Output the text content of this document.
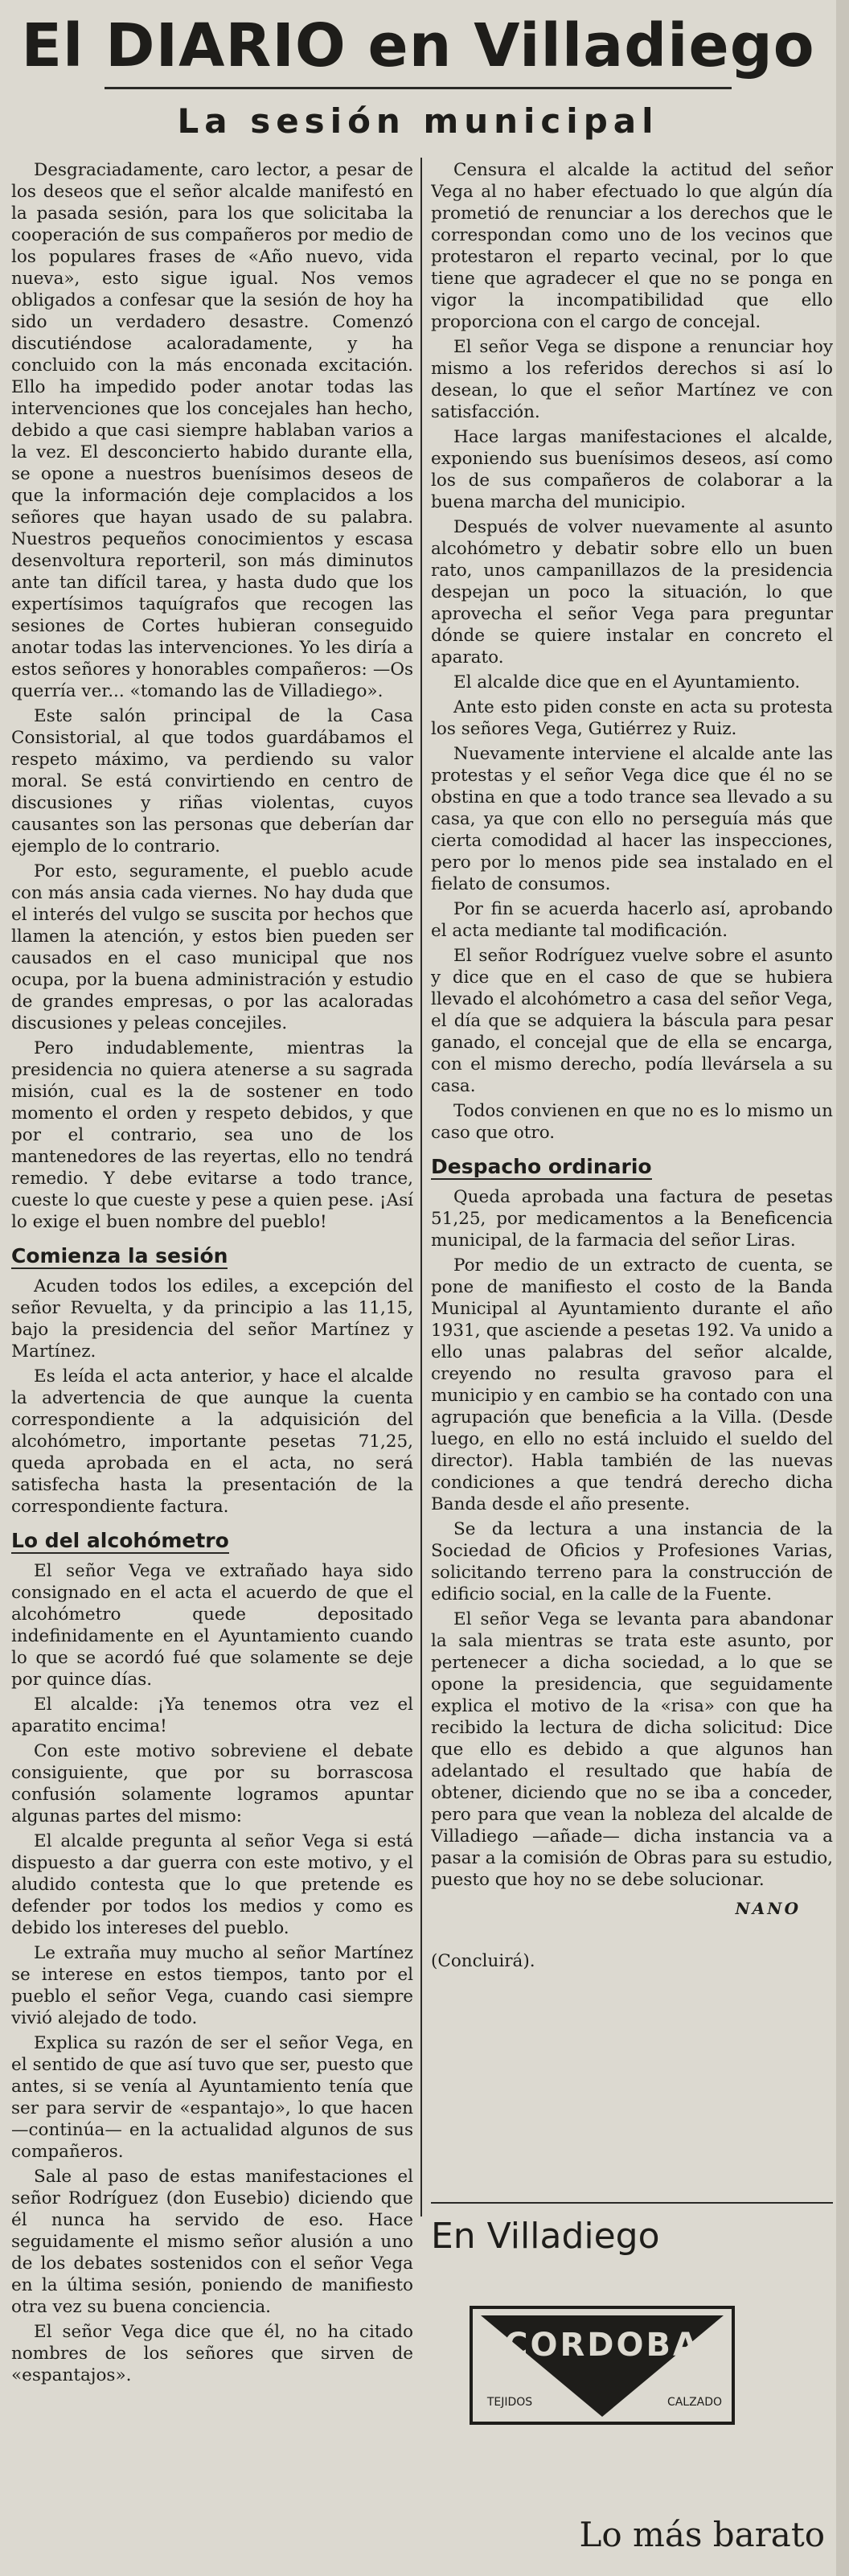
El DIARIO en Villadiego
La sesión municipal

Desgraciadamente, caro lector, a pesar de los deseos que el señor alcalde manifestó en la pasada sesión, para los que solicitaba la cooperación de sus compañeros por medio de los populares frases de «Año nuevo, vida nueva», esto sigue igual. Nos vemos obligados a confesar que la sesión de hoy ha sido un verdadero desastre. Comenzó discutiéndose acaloradamente, y ha concluido con la más enconada excitación. Ello ha impedido poder anotar todas las intervenciones que los concejales han hecho, debido a que casi siempre hablaban varios a la vez. El desconcierto habido durante ella, se opone a nuestros buenísimos deseos de que la información deje complacidos a los señores que hayan usado de su palabra. Nuestros pequeños conocimientos y escasa desenvoltura reporteril, son más diminutos ante tan difícil tarea, y hasta dudo que los expertísimos taquígrafos que recogen las sesiones de Cortes hubieran conseguido anotar todas las intervenciones. Yo les diría a estos señores y honorables compañeros: —Os querría ver... «tomando las de Villadiego».

Este salón principal de la Casa Consistorial, al que todos guardábamos el respeto máximo, va perdiendo su valor moral. Se está convirtiendo en centro de discusiones y riñas violentas, cuyos causantes son las personas que deberían dar ejemplo de lo contrario.

Por esto, seguramente, el pueblo acude con más ansia cada viernes. No hay duda que el interés del vulgo se suscita por hechos que llamen la atención, y estos bien pueden ser causados en el caso municipal que nos ocupa, por la buena administración y estudio de grandes empresas, o por las acaloradas discusiones y peleas concejiles.

Pero indudablemente, mientras la presidencia no quiera atenerse a su sagrada misión, cual es la de sostener en todo momento el orden y respeto debidos, y que por el contrario, sea uno de los mantenedores de las reyertas, ello no tendrá remedio. Y debe evitarse a todo trance, cueste lo que cueste y pese a quien pese. ¡Así lo exige el buen nombre del pueblo!

Comienza la sesión

Acuden todos los ediles, a excepción del señor Revuelta, y da principio a las 11,15, bajo la presidencia del señor Martínez y Martínez.

Es leída el acta anterior, y hace el alcalde la advertencia de que aunque la cuenta correspondiente a la adquisición del alcohómetro, importante pesetas 71,25, queda aprobada en el acta, no será satisfecha hasta la presentación de la correspondiente factura.

Lo del alcohómetro

El señor Vega ve extrañado haya sido consignado en el acta el acuerdo de que el alcohómetro quede depositado indefinidamente en el Ayuntamiento cuando lo que se acordó fué que solamente se deje por quince días.

El alcalde: ¡Ya tenemos otra vez el aparatito encima!

Con este motivo sobreviene el debate consiguiente, que por su borrascosa confusión solamente logramos apuntar algunas partes del mismo:

El alcalde pregunta al señor Vega si está dispuesto a dar guerra con este motivo, y el aludido contesta que lo que pretende es defender por todos los medios y como es debido los intereses del pueblo.

Le extraña muy mucho al señor Martínez se interese en estos tiempos, tanto por el pueblo el señor Vega, cuando casi siempre vivió alejado de todo.

Explica su razón de ser el señor Vega, en el sentido de que así tuvo que ser, puesto que antes, si se venía al Ayuntamiento tenía que ser para servir de «espantajo», lo que hacen —continúa— en la actualidad algunos de sus compañeros.

Sale al paso de estas manifestaciones el señor Rodríguez (don Eusebio) diciendo que él nunca ha servido de eso. Hace seguidamente el mismo señor alusión a uno de los debates sostenidos con el señor Vega en la última sesión, poniendo de manifiesto otra vez su buena conciencia.

El señor Vega dice que él, no ha citado nombres de los señores que sirven de «espantajos».

Censura el alcalde la actitud del señor Vega al no haber efectuado lo que algún día prometió de renunciar a los derechos que le correspondan como uno de los vecinos que protestaron el reparto vecinal, por lo que tiene que agradecer el que no se ponga en vigor la incompatibilidad que ello proporciona con el cargo de concejal.

El señor Vega se dispone a renunciar hoy mismo a los referidos derechos si así lo desean, lo que el señor Martínez ve con satisfacción.

Hace largas manifestaciones el alcalde, exponiendo sus buenísimos deseos, así como los de sus compañeros de colaborar a la buena marcha del municipio.

Después de volver nuevamente al asunto alcohómetro y debatir sobre ello un buen rato, unos campanillazos de la presidencia despejan un poco la situación, lo que aprovecha el señor Vega para preguntar dónde se quiere instalar en concreto el aparato.

El alcalde dice que en el Ayuntamiento.

Ante esto piden conste en acta su protesta los señores Vega, Gutiérrez y Ruiz.

Nuevamente interviene el alcalde ante las protestas y el señor Vega dice que él no se obstina en que a todo trance sea llevado a su casa, ya que con ello no perseguía más que cierta comodidad al hacer las inspecciones, pero por lo menos pide sea instalado en el fielato de consumos.

Por fin se acuerda hacerlo así, aprobando el acta mediante tal modificación.

El señor Rodríguez vuelve sobre el asunto y dice que en el caso de que se hubiera llevado el alcohómetro a casa del señor Vega, el día que se adquiera la báscula para pesar ganado, el concejal que de ella se encarga, con el mismo derecho, podía llevársela a su casa.

Todos convienen en que no es lo mismo un caso que otro.

Despacho ordinario

Queda aprobada una factura de pesetas 51,25, por medicamentos a la Beneficencia municipal, de la farmacia del señor Liras.

Por medio de un extracto de cuenta, se pone de manifiesto el costo de la Banda Municipal al Ayuntamiento durante el año 1931, que asciende a pesetas 192. Va unido a ello unas palabras del señor alcalde, creyendo no resulta gravoso para el municipio y en cambio se ha contado con una agrupación que beneficia a la Villa. (Desde luego, en ello no está incluido el sueldo del director). Habla también de las nuevas condiciones a que tendrá derecho dicha Banda desde el año presente.

Se da lectura a una instancia de la Sociedad de Oficios y Profesiones Varias, solicitando terreno para la construcción de edificio social, en la calle de la Fuente.

El señor Vega se levanta para abandonar la sala mientras se trata este asunto, por pertenecer a dicha sociedad, a lo que se opone la presidencia, que seguidamente explica el motivo de la «risa» con que ha recibido la lectura de dicha solicitud: Dice que ello es debido a que algunos han adelantado el resultado que había de obtener, diciendo que no se iba a conceder, pero para que vean la nobleza del alcalde de Villadiego —añade— dicha instancia va a pasar a la comisión de Obras para su estudio, puesto que hoy no se debe solucionar.

NANO

(Concluirá).

En Villadiego
CORDOBA
TEJIDOS	CALZADO
Lo más barato
